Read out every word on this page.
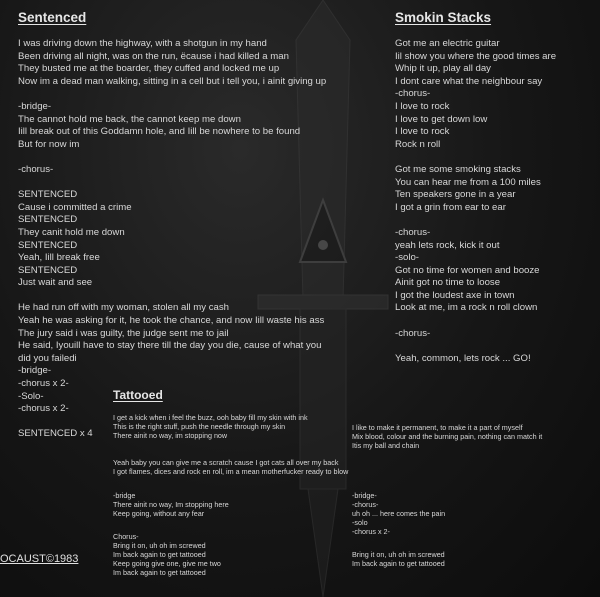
Sentenced
I was driving down the highway, with a shotgun in my hand
Been driving all night, was on the run, ëcause i had killed a man
They busted me at the boarder, they cuffed and locked me up
Now im a dead man walking, sitting in a cell but i tell you, i ainit giving up

-bridge-
The cannot hold me back, the cannot keep me down
Iill break out of this Goddamn hole, and Iill be nowhere to be found
But for now im

-chorus-

SENTENCED
Cause i committed a crime
SENTENCED
They canit hold me down
SENTENCED
Yeah, Iill break free
SENTENCED
Just wait and see

He had run off with my woman, stolen all my cash
Yeah he was asking for it, he took the chance, and now Iill waste his ass
The jury said i was guilty, the judge sent me to jail
He said, Iyouill have to stay there till the day you die, cause of what you
did you failedi
-bridge-
-chorus x 2-
-Solo-
-chorus x 2-

SENTENCED x 4
Smokin Stacks
Got me an electric guitar
Iil show you where the good times are
Whip it up, play all day
I dont care what the neighbour say
-chorus-
I love to rock
I love to get down low
I love to rock
Rock n roll

Got me some smoking stacks
You can hear me from a 100 miles
Ten speakers gone in a year
I got a grin from ear to ear

-chorus-
yeah lets rock, kick it out
-solo-
Got no time for women and booze
Ainit got no time to loose
I got the loudest axe in town
Look at me, im a rock n roll clown

-chorus-

Yeah, common, lets rock ... GO!
Tattooed
I get a kick when i feel the buzz, ooh baby fill my skin with ink
This is the right stuff, push the needle through my skin
There ainit no way, im stopping now
I like to make it permanent, to make it a part of myself
Mix blood, colour and the burning pain, nothing can match it
Itis my ball and chain
Yeah baby you can give me a scratch cause I got cats all over my back
I got flames, dices and rock en roll, im a mean motherfucker ready to blow
-bridge
There ainit no way, Im stopping here
Keep going, without any fear
-bridge-
-chorus-
uh oh ... here comes the pain
-solo
-chorus x 2-
Chorus-
Bring it on, uh oh im screwed
Im back again to get tattooed
Keep going give one, give me two
Im back again to get tattooed
Bring it on, uh oh im screwed
Im back again to get tattooed
OCAUST©1983
